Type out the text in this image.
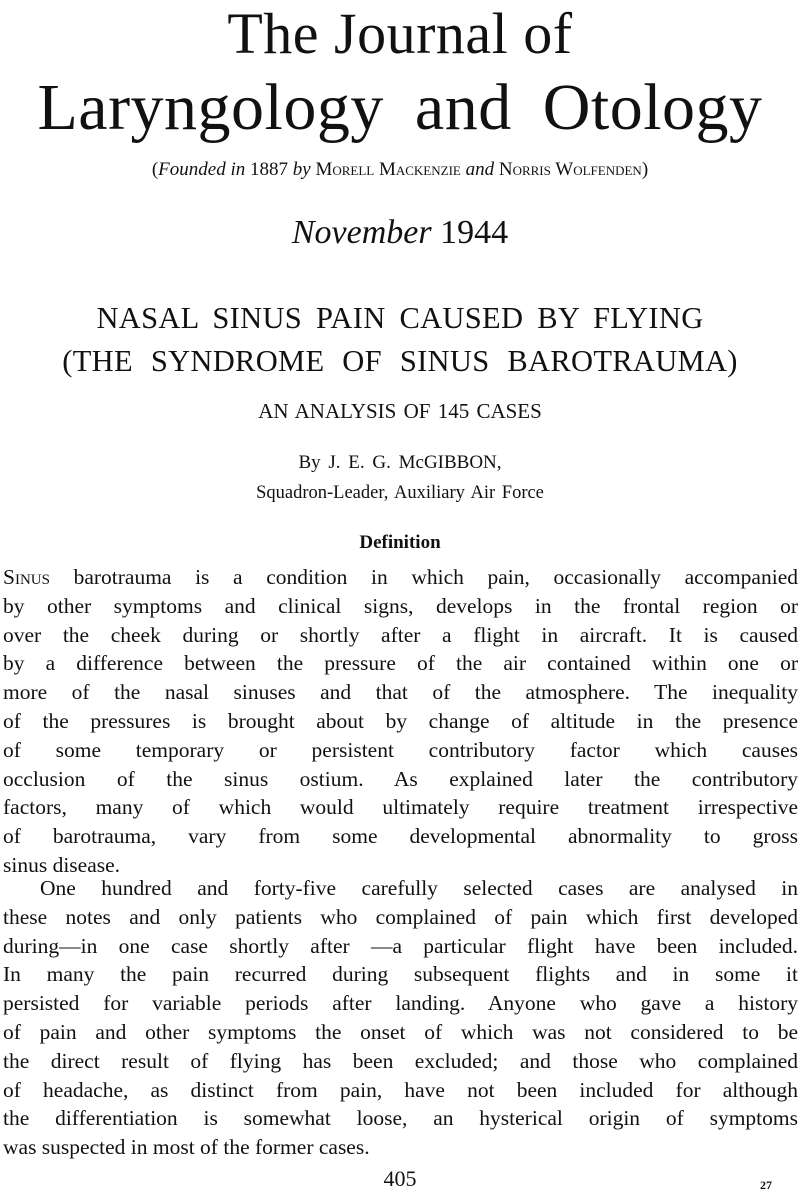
The Journal of
Laryngology and Otology
(Founded in 1887 by Morell Mackenzie and Norris Wolfenden)
November 1944
NASAL SINUS PAIN CAUSED BY FLYING
(THE SYNDROME OF SINUS BAROTRAUMA)
AN ANALYSIS OF 145 CASES
By J. E. G. McGIBBON,
Squadron-Leader, Auxiliary Air Force
Definition
Sinus barotrauma is a condition in which pain, occasionally accompanied
by other symptoms and clinical signs, develops in the frontal region or
over the cheek during or shortly after a flight in aircraft. It is caused
by a difference between the pressure of the air contained within one or
more of the nasal sinuses and that of the atmosphere. The inequality
of the pressures is brought about by change of altitude in the presence
of some temporary or persistent contributory factor which causes
occlusion of the sinus ostium. As explained later the contributory
factors, many of which would ultimately require treatment irrespective
of barotrauma, vary from some developmental abnormality to gross
sinus disease.
One hundred and forty-five carefully selected cases are analysed in
these notes and only patients who complained of pain which first developed
during—in one case shortly after —a particular flight have been included.
In many the pain recurred during subsequent flights and in some it
persisted for variable periods after landing. Anyone who gave a history
of pain and other symptoms the onset of which was not considered to be
the direct result of flying has been excluded; and those who complained
of headache, as distinct from pain, have not been included for although
the differentiation is somewhat loose, an hysterical origin of symptoms
was suspected in most of the former cases.
405	27
